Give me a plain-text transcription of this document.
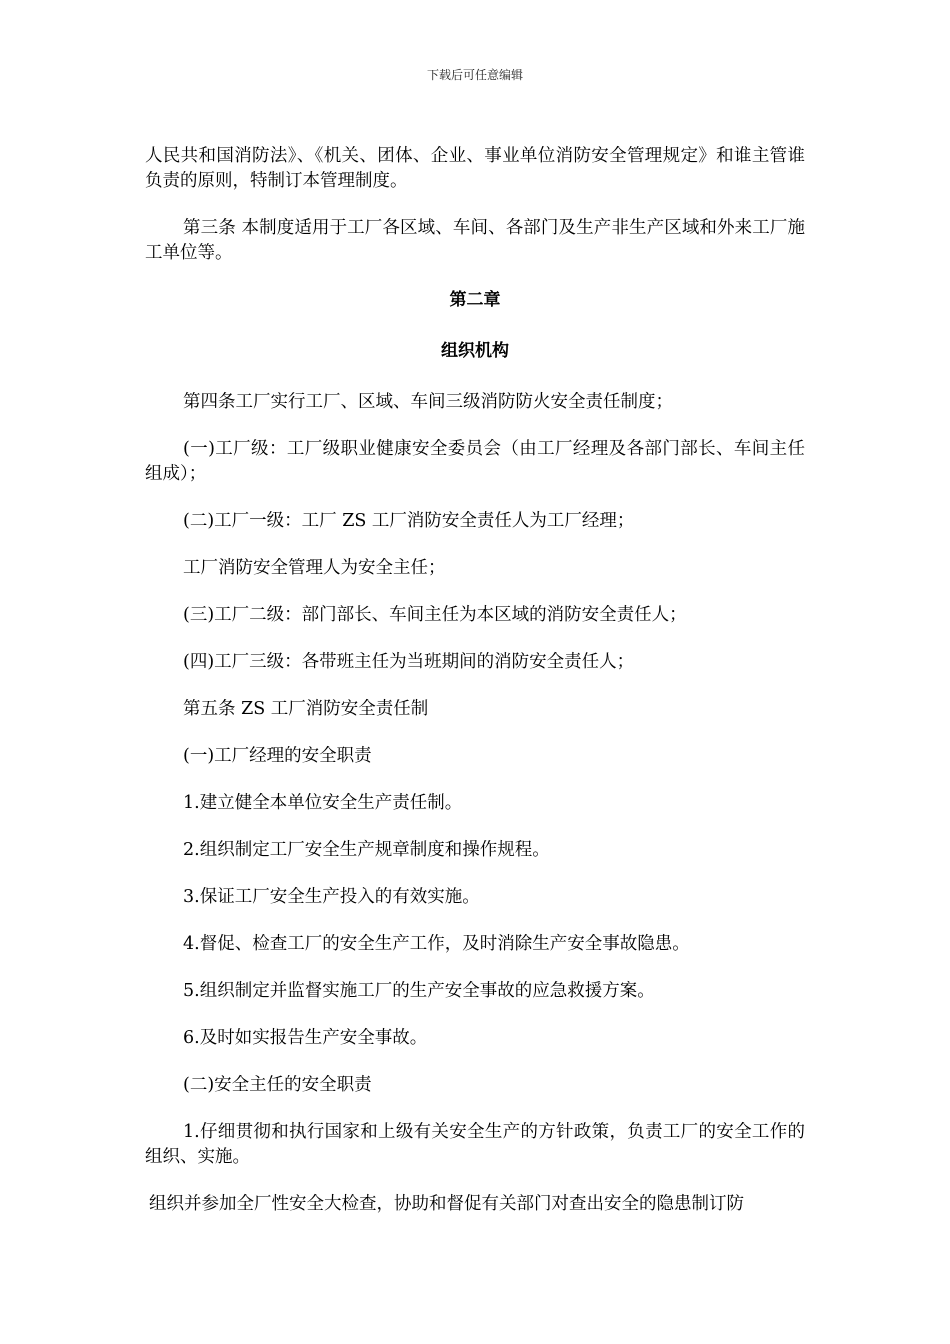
下载后可任意编辑

人民共和国消防法》、《机关、团体、企业、事业单位消防安全管理规定》和谁主管谁负责的原则，特制订本管理制度。

第三条 本制度适用于工厂各区域、车间、各部门及生产非生产区域和外来工厂施工单位等。

第二章
组织机构

第四条工厂实行工厂、区域、车间三级消防防火安全责任制度；

(一)工厂级：工厂级职业健康安全委员会（由工厂经理及各部门部长、车间主任组成）；

(二)工厂一级：工厂 ZS 工厂消防安全责任人为工厂经理；

工厂消防安全管理人为安全主任；

(三)工厂二级：部门部长、车间主任为本区域的消防安全责任人；

(四)工厂三级：各带班主任为当班期间的消防安全责任人；

第五条 ZS 工厂消防安全责任制

(一)工厂经理的安全职责

1.建立健全本单位安全生产责任制。

2.组织制定工厂安全生产规章制度和操作规程。

3.保证工厂安全生产投入的有效实施。

4.督促、检查工厂的安全生产工作，及时消除生产安全事故隐患。

5.组织制定并监督实施工厂的生产安全事故的应急救援方案。

6.及时如实报告生产安全事故。

(二)安全主任的安全职责

1.仔细贯彻和执行国家和上级有关安全生产的方针政策，负责工厂的安全工作的组织、实施。

组织并参加全厂性安全大检查，协助和督促有关部门对查出安全的隐患制订防
